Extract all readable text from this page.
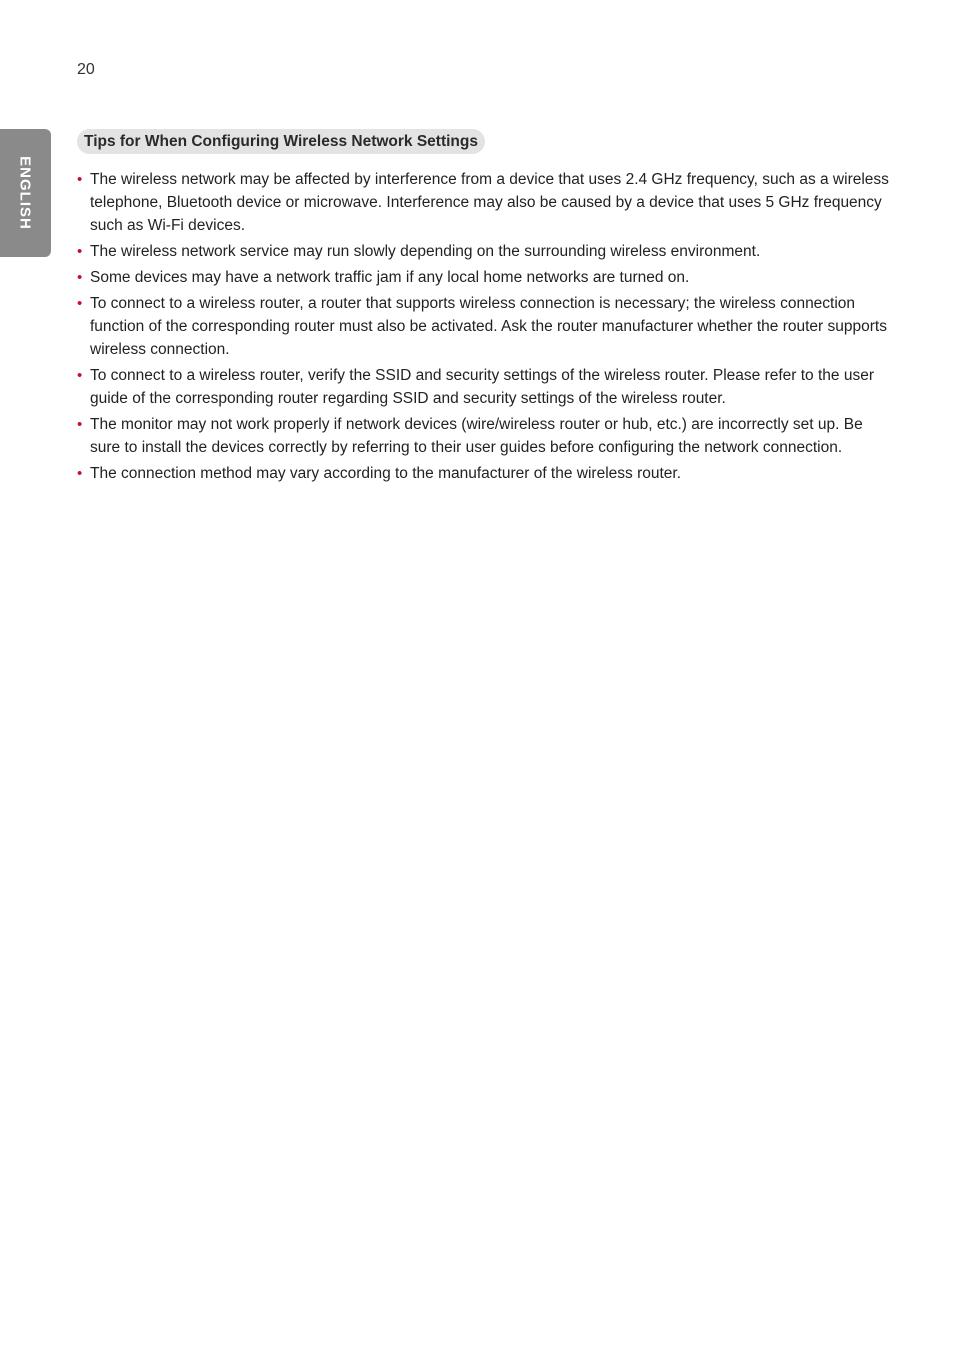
20
ENGLISH
Tips for When Configuring Wireless Network Settings
• The wireless network may be affected by interference from a device that uses 2.4 GHz frequency, such as a wireless telephone, Bluetooth device or microwave. Interference may also be caused by a device that uses 5 GHz frequency such as Wi-Fi devices.
• The wireless network service may run slowly depending on the surrounding wireless environment.
• Some devices may have a network traffic jam if any local home networks are turned on.
• To connect to a wireless router, a router that supports wireless connection is necessary; the wireless connection function of the corresponding router must also be activated. Ask the router manufacturer whether the router supports wireless connection.
• To connect to a wireless router, verify the SSID and security settings of the wireless router. Please refer to the user guide of the corresponding router regarding SSID and security settings of the wireless router.
• The monitor may not work properly if network devices (wire/wireless router or hub, etc.) are incorrectly set up. Be sure to install the devices correctly by referring to their user guides before configuring the network connection.
• The connection method may vary according to the manufacturer of the wireless router.
